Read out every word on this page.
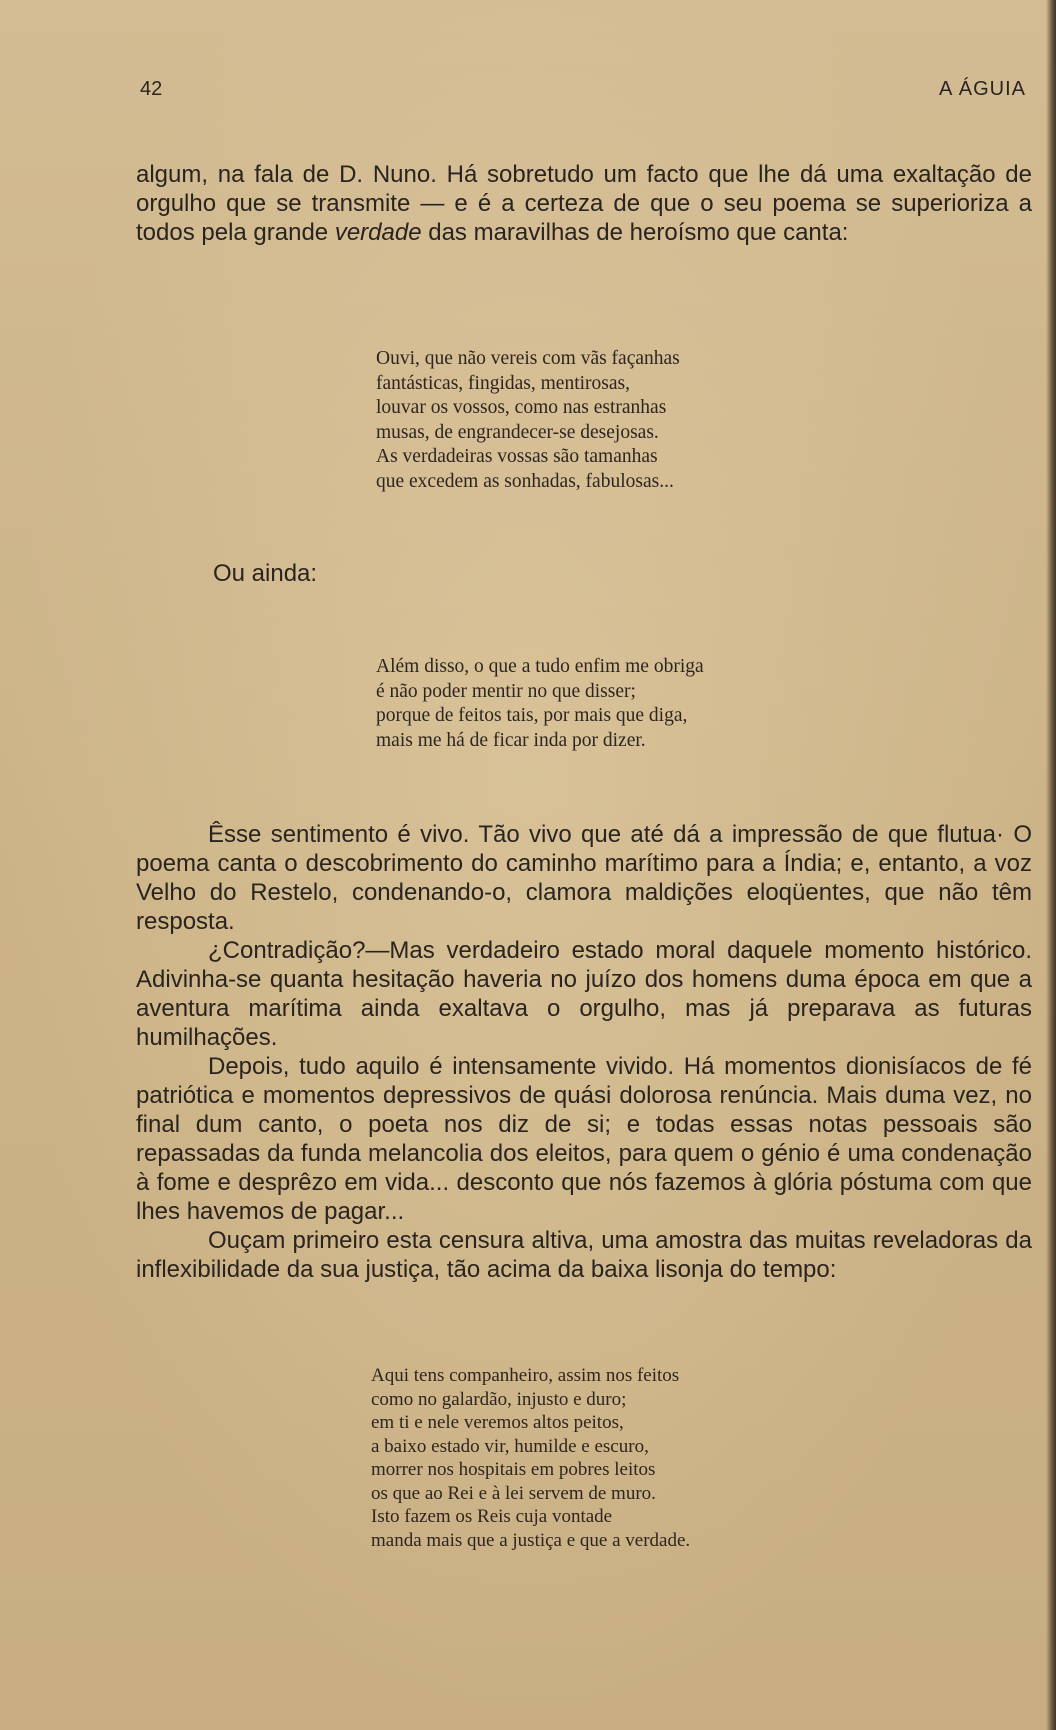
42	A ÁGUIA

algum, na fala de D. Nuno. Há sobretudo um facto que lhe dá uma exaltação de orgulho que se transmite — e é a certeza de que o seu poema se superioriza a todos pela grande verdade das maravilhas de heroísmo que canta:

Ouvi, que não vereis com vãs façanhas
fantásticas, fingidas, mentirosas,
louvar os vossos, como nas estranhas
musas, de engrandecer-se desejosas.
As verdadeiras vossas são tamanhas
que excedem as sonhadas, fabulosas...
Ou ainda:
Além disso, o que a tudo enfim me obriga
é não poder mentir no que disser;
porque de feitos tais, por mais que diga,
mais me há de ficar inda por dizer.

Êsse sentimento é vivo. Tão vivo que até dá a impressão de que flutua· O poema canta o descobrimento do caminho marítimo para a Índia; e, entanto, a voz Velho do Restelo, condenando-o, clamora maldições eloqüentes, que não têm resposta.

¿Contradição?—Mas verdadeiro estado moral daquele momento histórico. Adivinha-se quanta hesitação haveria no juízo dos homens duma época em que a aventura marítima ainda exaltava o orgulho, mas já preparava as futuras humilhações.

Depois, tudo aquilo é intensamente vivido. Há momentos dionisíacos de fé patriótica e momentos depressivos de quási dolorosa renúncia. Mais duma vez, no final dum canto, o poeta nos diz de si; e todas essas notas pessoais são repassadas da funda melancolia dos eleitos, para quem o génio é uma condenação à fome e desprêzo em vida... desconto que nós fazemos à glória póstuma com que lhes havemos de pagar...

Ouçam primeiro esta censura altiva, uma amostra das muitas reveladoras da inflexibilidade da sua justiça, tão acima da baixa lisonja do tempo:

Aqui tens companheiro, assim nos feitos
como no galardão, injusto e duro;
em ti e nele veremos altos peitos,
a baixo estado vir, humilde e escuro,
morrer nos hospitais em pobres leitos
os que ao Rei e à lei servem de muro.
Isto fazem os Reis cuja vontade
manda mais que a justiça e que a verdade.
